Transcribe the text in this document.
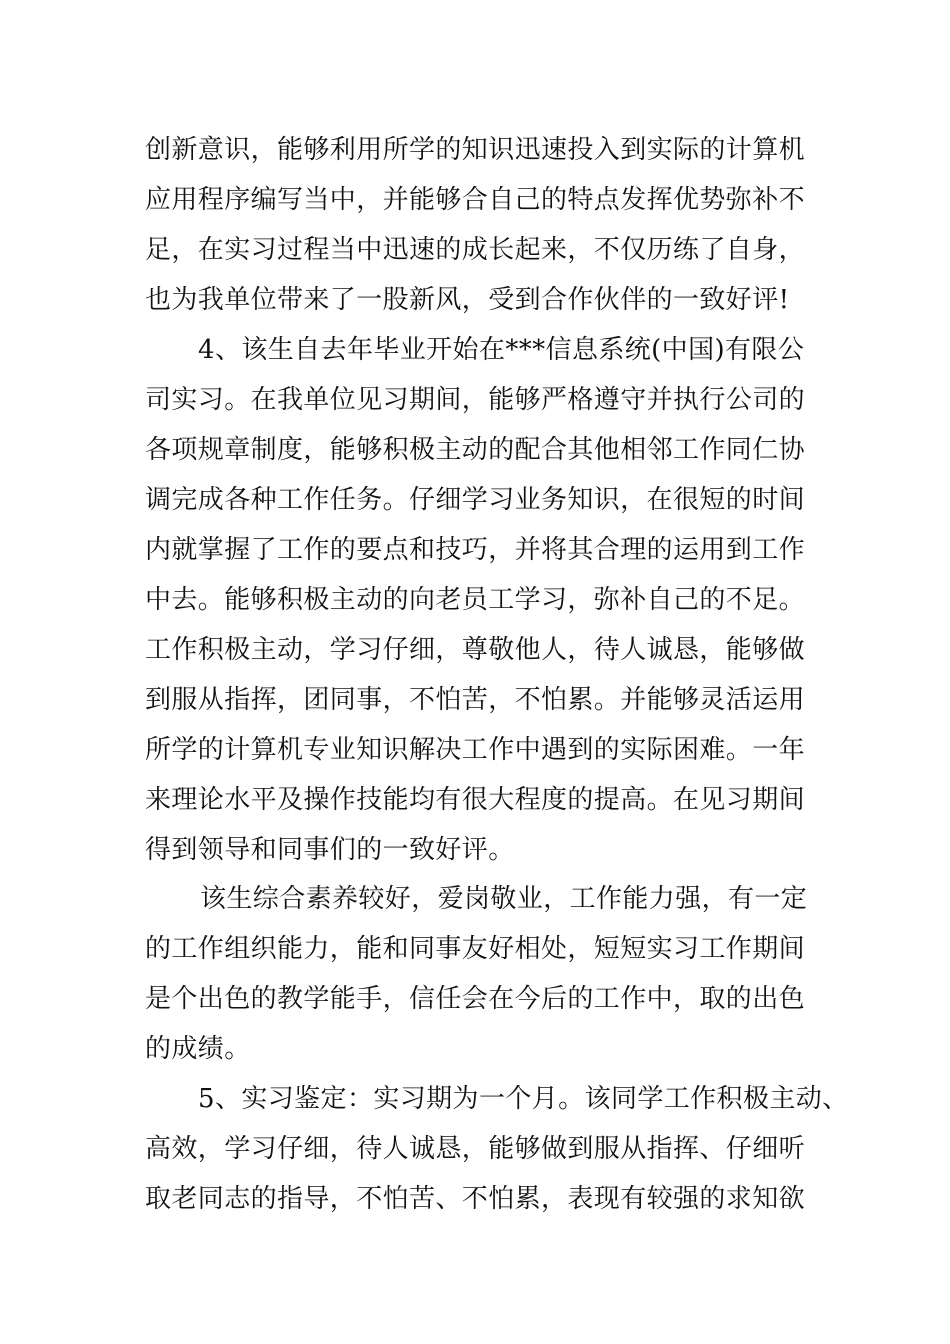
创新意识，能够利用所学的知识迅速投入到实际的计算机
应用程序编写当中，并能够合自己的特点发挥优势弥补不
足，在实习过程当中迅速的成长起来，不仅历练了自身，
也为我单位带来了一股新风，受到合作伙伴的一致好评!
4、该生自去年毕业开始在***信息系统(中国)有限公
司实习。在我单位见习期间，能够严格遵守并执行公司的
各项规章制度，能够积极主动的配合其他相邻工作同仁协
调完成各种工作任务。仔细学习业务知识，在很短的时间
内就掌握了工作的要点和技巧，并将其合理的运用到工作
中去。能够积极主动的向老员工学习，弥补自己的不足。
工作积极主动，学习仔细，尊敬他人，待人诚恳，能够做
到服从指挥，团同事，不怕苦，不怕累。并能够灵活运用
所学的计算机专业知识解决工作中遇到的实际困难。一年
来理论水平及操作技能均有很大程度的提高。在见习期间
得到领导和同事们的一致好评。
该生综合素养较好，爱岗敬业，工作能力强，有一定
的工作组织能力，能和同事友好相处，短短实习工作期间
是个出色的教学能手，信任会在今后的工作中，取的出色
的成绩。
5、实习鉴定：实习期为一个月。该同学工作积极主动、
高效，学习仔细，待人诚恳，能够做到服从指挥、仔细听
取老同志的指导，不怕苦、不怕累，表现有较强的求知欲
